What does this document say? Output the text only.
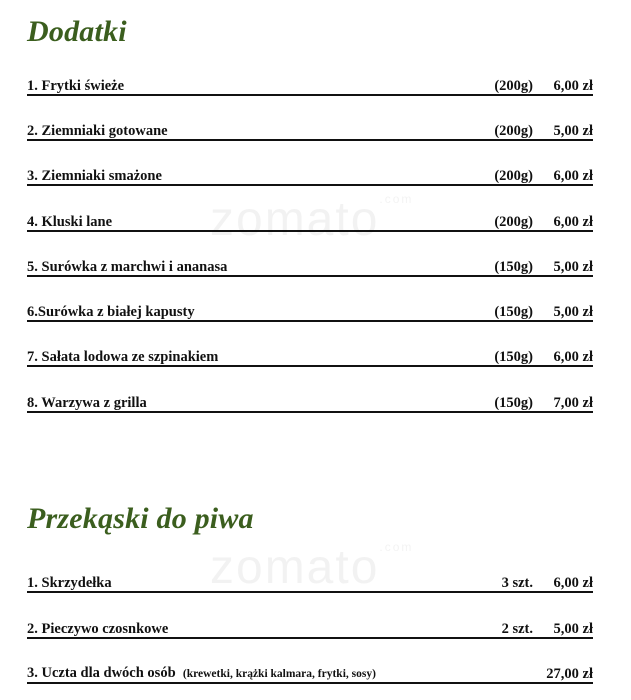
Dodatki
1. Frytki świeże	(200g) 6,00 zł
2. Ziemniaki gotowane	(200g) 5,00 zł
3. Ziemniaki smażone	(200g) 6,00 zł
4. Kluski lane	(200g) 6,00 zł
5. Surówka z marchwi i ananasa	(150g) 5,00 zł
6.Surówka z białej kapusty	(150g) 5,00 zł
7. Sałata lodowa ze szpinakiem	(150g) 6,00 zł
8. Warzywa z grilla	(150g) 7,00 zł
Przekąski do piwa
1. Skrzydełka	3 szt. 6,00 zł
2. Pieczywo czosnkowe	2 szt. 5,00 zł
3. Uczta dla dwóch osób (krewetki, krążki kalmara, frytki, sosy)	27,00 zł
zomato$^{.com}$
zomato$^{.com}$
